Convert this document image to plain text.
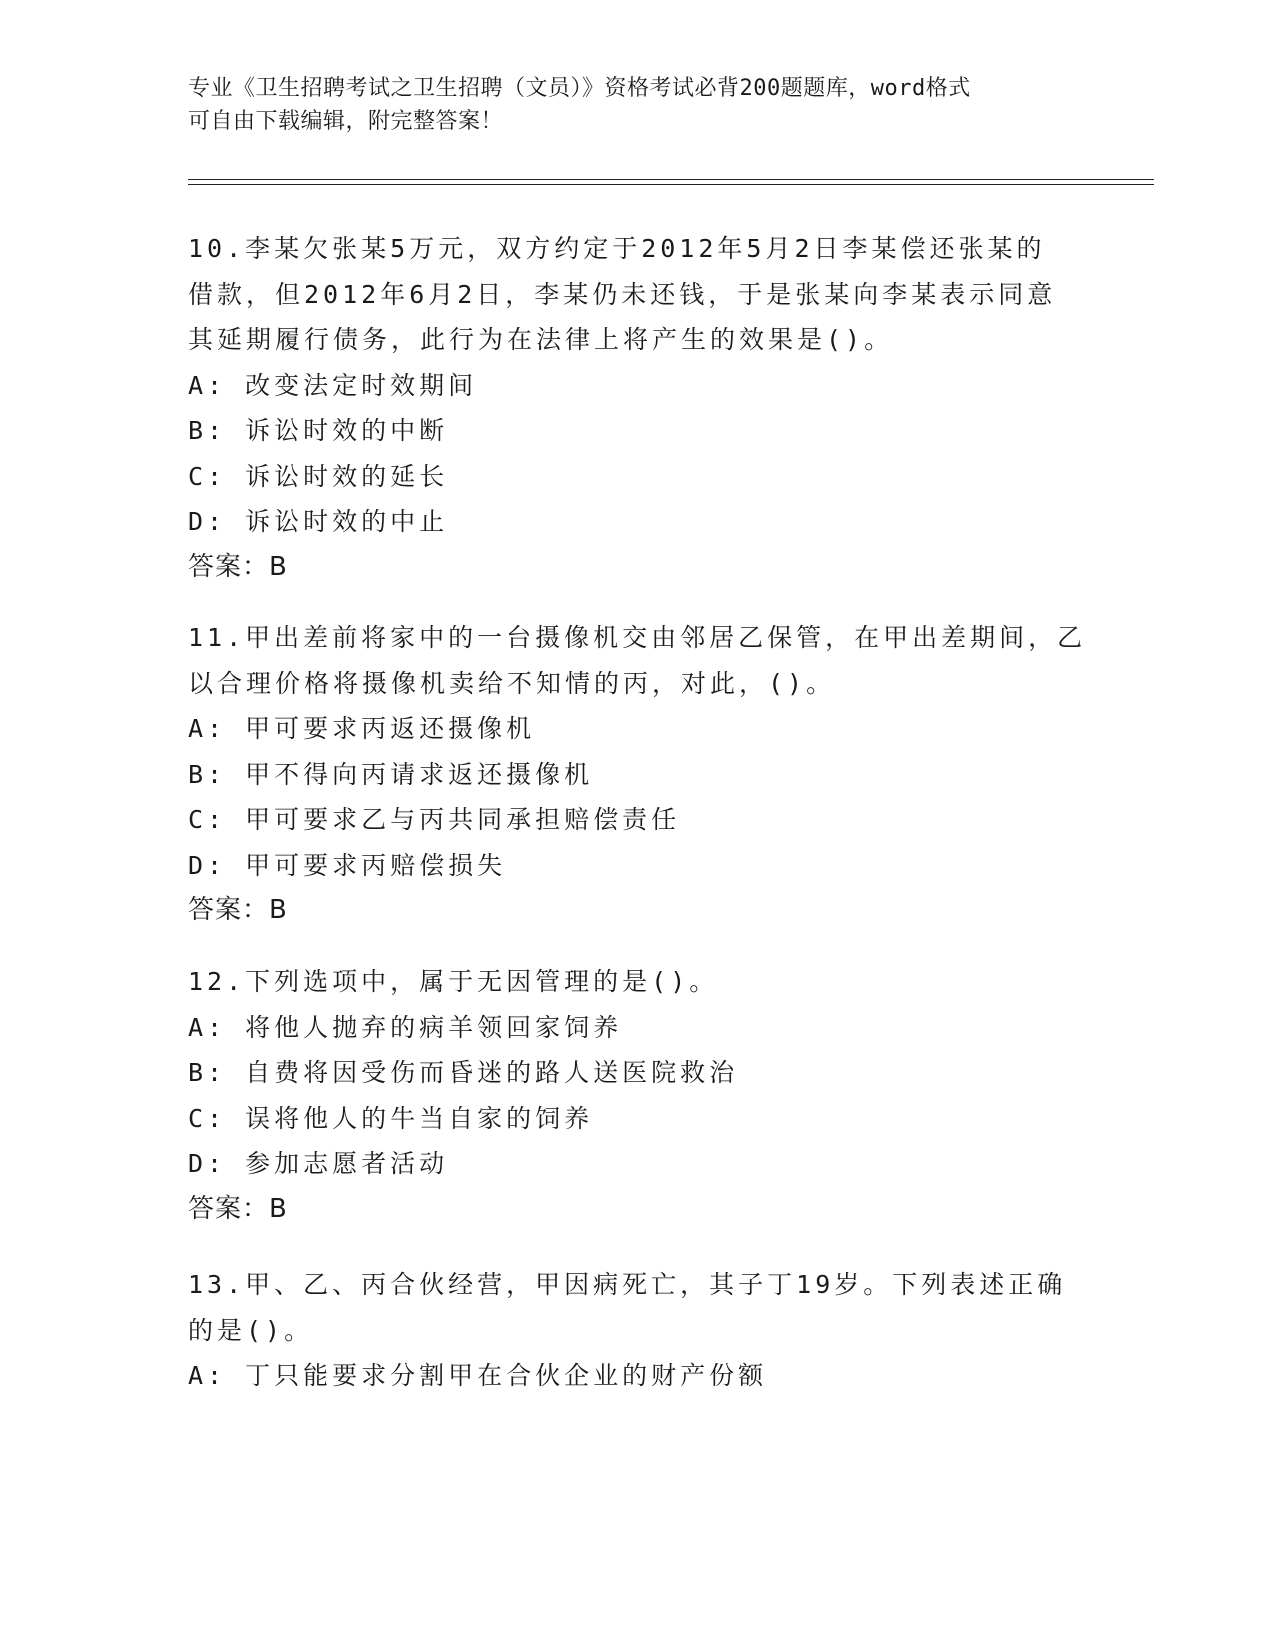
专业《卫生招聘考试之卫生招聘（文员）》资格考试必背200题题库，word格式
可自由下载编辑，附完整答案！
10.李某欠张某5万元，双方约定于2012年5月2日李某偿还张某的
借款，但2012年6月2日，李某仍未还钱，于是张某向李某表示同意
其延期履行债务，此行为在法律上将产生的效果是()。
A: 改变法定时效期间
B: 诉讼时效的中断
C: 诉讼时效的延长
D: 诉讼时效的中止
答案：B
11.甲出差前将家中的一台摄像机交由邻居乙保管，在甲出差期间，乙
以合理价格将摄像机卖给不知情的丙，对此，()。
A: 甲可要求丙返还摄像机
B: 甲不得向丙请求返还摄像机
C: 甲可要求乙与丙共同承担赔偿责任
D: 甲可要求丙赔偿损失
答案：B
12.下列选项中，属于无因管理的是()。
A: 将他人抛弃的病羊领回家饲养
B: 自费将因受伤而昏迷的路人送医院救治
C: 误将他人的牛当自家的饲养
D: 参加志愿者活动
答案：B
13.甲、乙、丙合伙经营，甲因病死亡，其子丁19岁。下列表述正确
的是()。
A: 丁只能要求分割甲在合伙企业的财产份额
